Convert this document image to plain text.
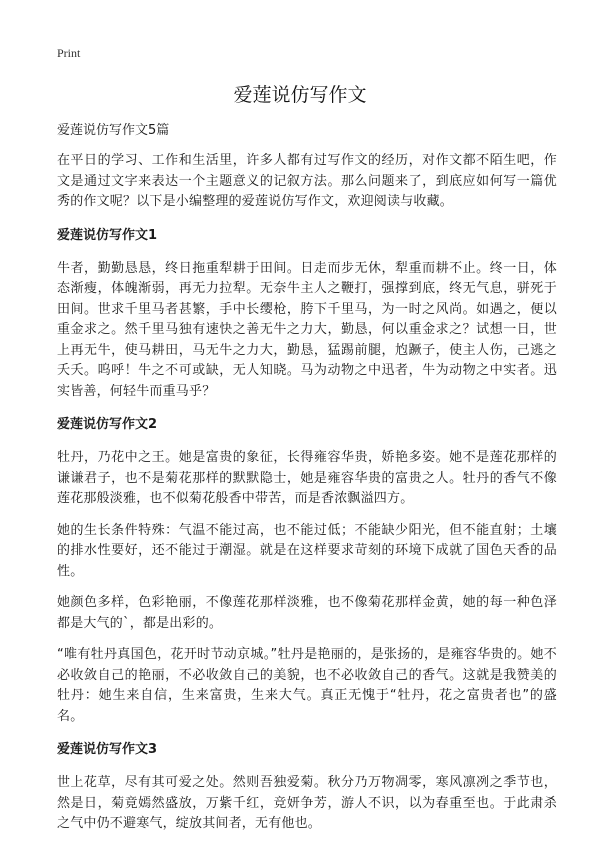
Print
爱莲说仿写作文
爱莲说仿写作文5篇

在平日的学习、工作和生活里，许多人都有过写作文的经历，对作文都不陌生吧，作文是通过文字来表达一个主题意义的记叙方法。那么问题来了，到底应如何写一篇优秀的作文呢？以下是小编整理的爱莲说仿写作文，欢迎阅读与收藏。

爱莲说仿写作文1

牛者，勤勤恳恳，终日拖重犁耕于田间。日走而步无休，犁重而耕不止。终一日，体态渐瘦，体魄渐弱，再无力拉犁。无奈牛主人之鞭打，强撑到底，终无气息，骈死于田间。世求千里马者甚繁，手中长缨枪，胯下千里马，为一时之风尚。如遇之，便以重金求之。然千里马独有速快之善无牛之力大，勤恳，何以重金求之？试想一日，世上再无牛，使马耕田，马无牛之力大，勤恳，猛踢前腿，尥蹶子，使主人伤，己逃之夭夭。呜呼！牛之不可或缺，无人知晓。马为动物之中迅者，牛为动物之中实者。迅实皆善，何轻牛而重马乎？

爱莲说仿写作文2

牡丹，乃花中之王。她是富贵的象征，长得雍容华贵，娇艳多姿。她不是莲花那样的谦谦君子，也不是菊花那样的默默隐士，她是雍容华贵的富贵之人。牡丹的香气不像莲花那般淡雅，也不似菊花般香中带苦，而是香浓飘溢四方。

她的生长条件特殊：气温不能过高，也不能过低；不能缺少阳光，但不能直射；土壤的排水性要好，还不能过于潮湿。就是在这样要求苛刻的环境下成就了国色天香的品性。

她颜色多样，色彩艳丽，不像莲花那样淡雅，也不像菊花那样金黄，她的每一种色泽都是大气的`，都是出彩的。

“唯有牡丹真国色，花开时节动京城。”牡丹是艳丽的，是张扬的，是雍容华贵的。她不必收敛自己的艳丽，不必收敛自己的美貌，也不必收敛自己的香气。这就是我赞美的牡丹：她生来自信，生来富贵，生来大气。真正无愧于“牡丹，花之富贵者也”的盛名。

爱莲说仿写作文3

世上花草，尽有其可爱之处。然则吾独爱菊。秋分乃万物凋零，寒风凛冽之季节也，然是日，菊竟嫣然盛放，万紫千红，竞妍争芳，游人不识，以为春重至也。于此肃杀之气中仍不避寒气，绽放其间者，无有他也。
